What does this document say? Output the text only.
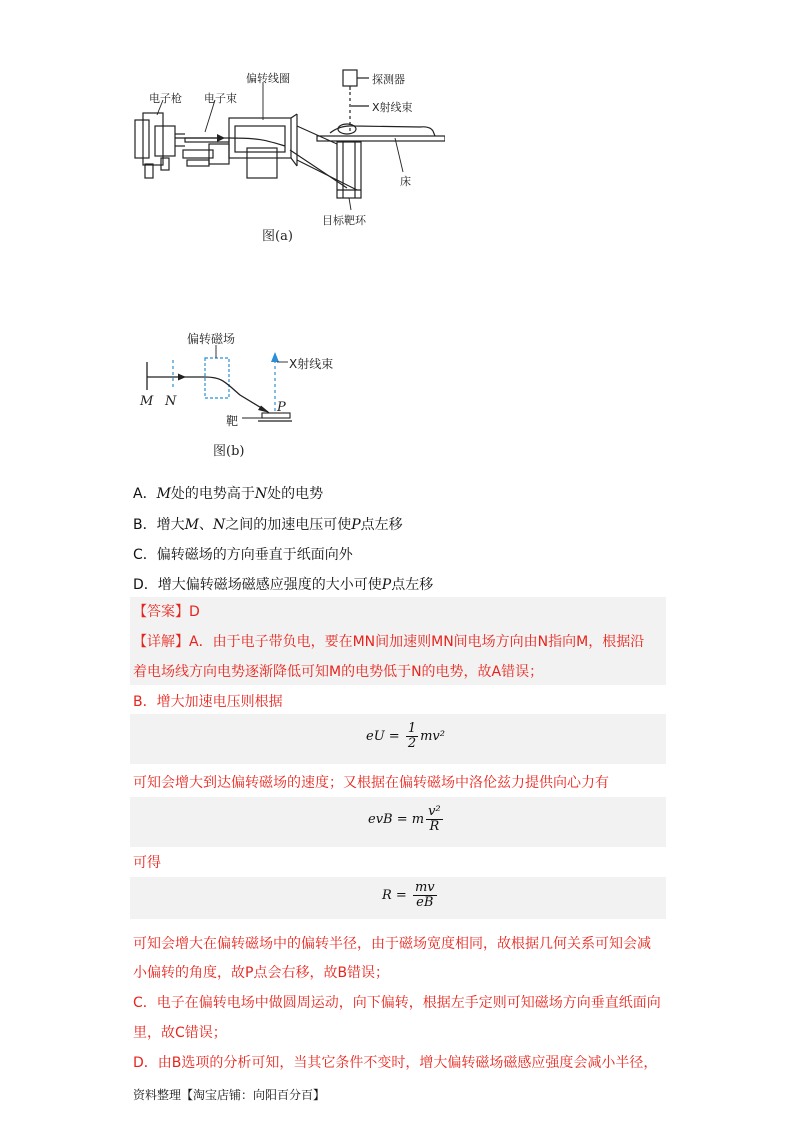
电子枪 电子束
偏转线圈	探测器
X射线束
床
目标靶环
图(a)
偏转磁场
X射线束
M N
靶
P
图(b)
A．M处的电势高于N处的电势
B．增大M、N之间的加速电压可使P点左移
C．偏转磁场的方向垂直于纸面向外
D．增大偏转磁场磁感应强度的大小可使P点左移
【答案】D
【详解】A．由于电子带负电，要在MN间加速则MN间电场方向由N指向M，根据沿
着电场线方向电势逐渐降低可知M的电势低于N的电势，故A错误；
B．增大加速电压则根据
eU = $\frac{1}{2} mv^2$
可知会增大到达偏转磁场的速度；又根据在偏转磁场中洛伦兹力提供向心力有
evB = m $\frac{\text{v²}}{R}$
可得
$R = \frac{mv}{eB}$
可知会增大在偏转磁场中的偏转半径，由于磁场宽度相同，故根据几何关系可知会减
小偏转的角度，故P点会右移，故B错误；
C．电子在偏转电场中做圆周运动，向下偏转，根据左手定则可知磁场方向垂直纸面向
里，故C错误；
D．由B选项的分析可知，当其它条件不变时，增大偏转磁场磁感应强度会减小半径，
资料整理【淘宝店铺：向阳百分百】
